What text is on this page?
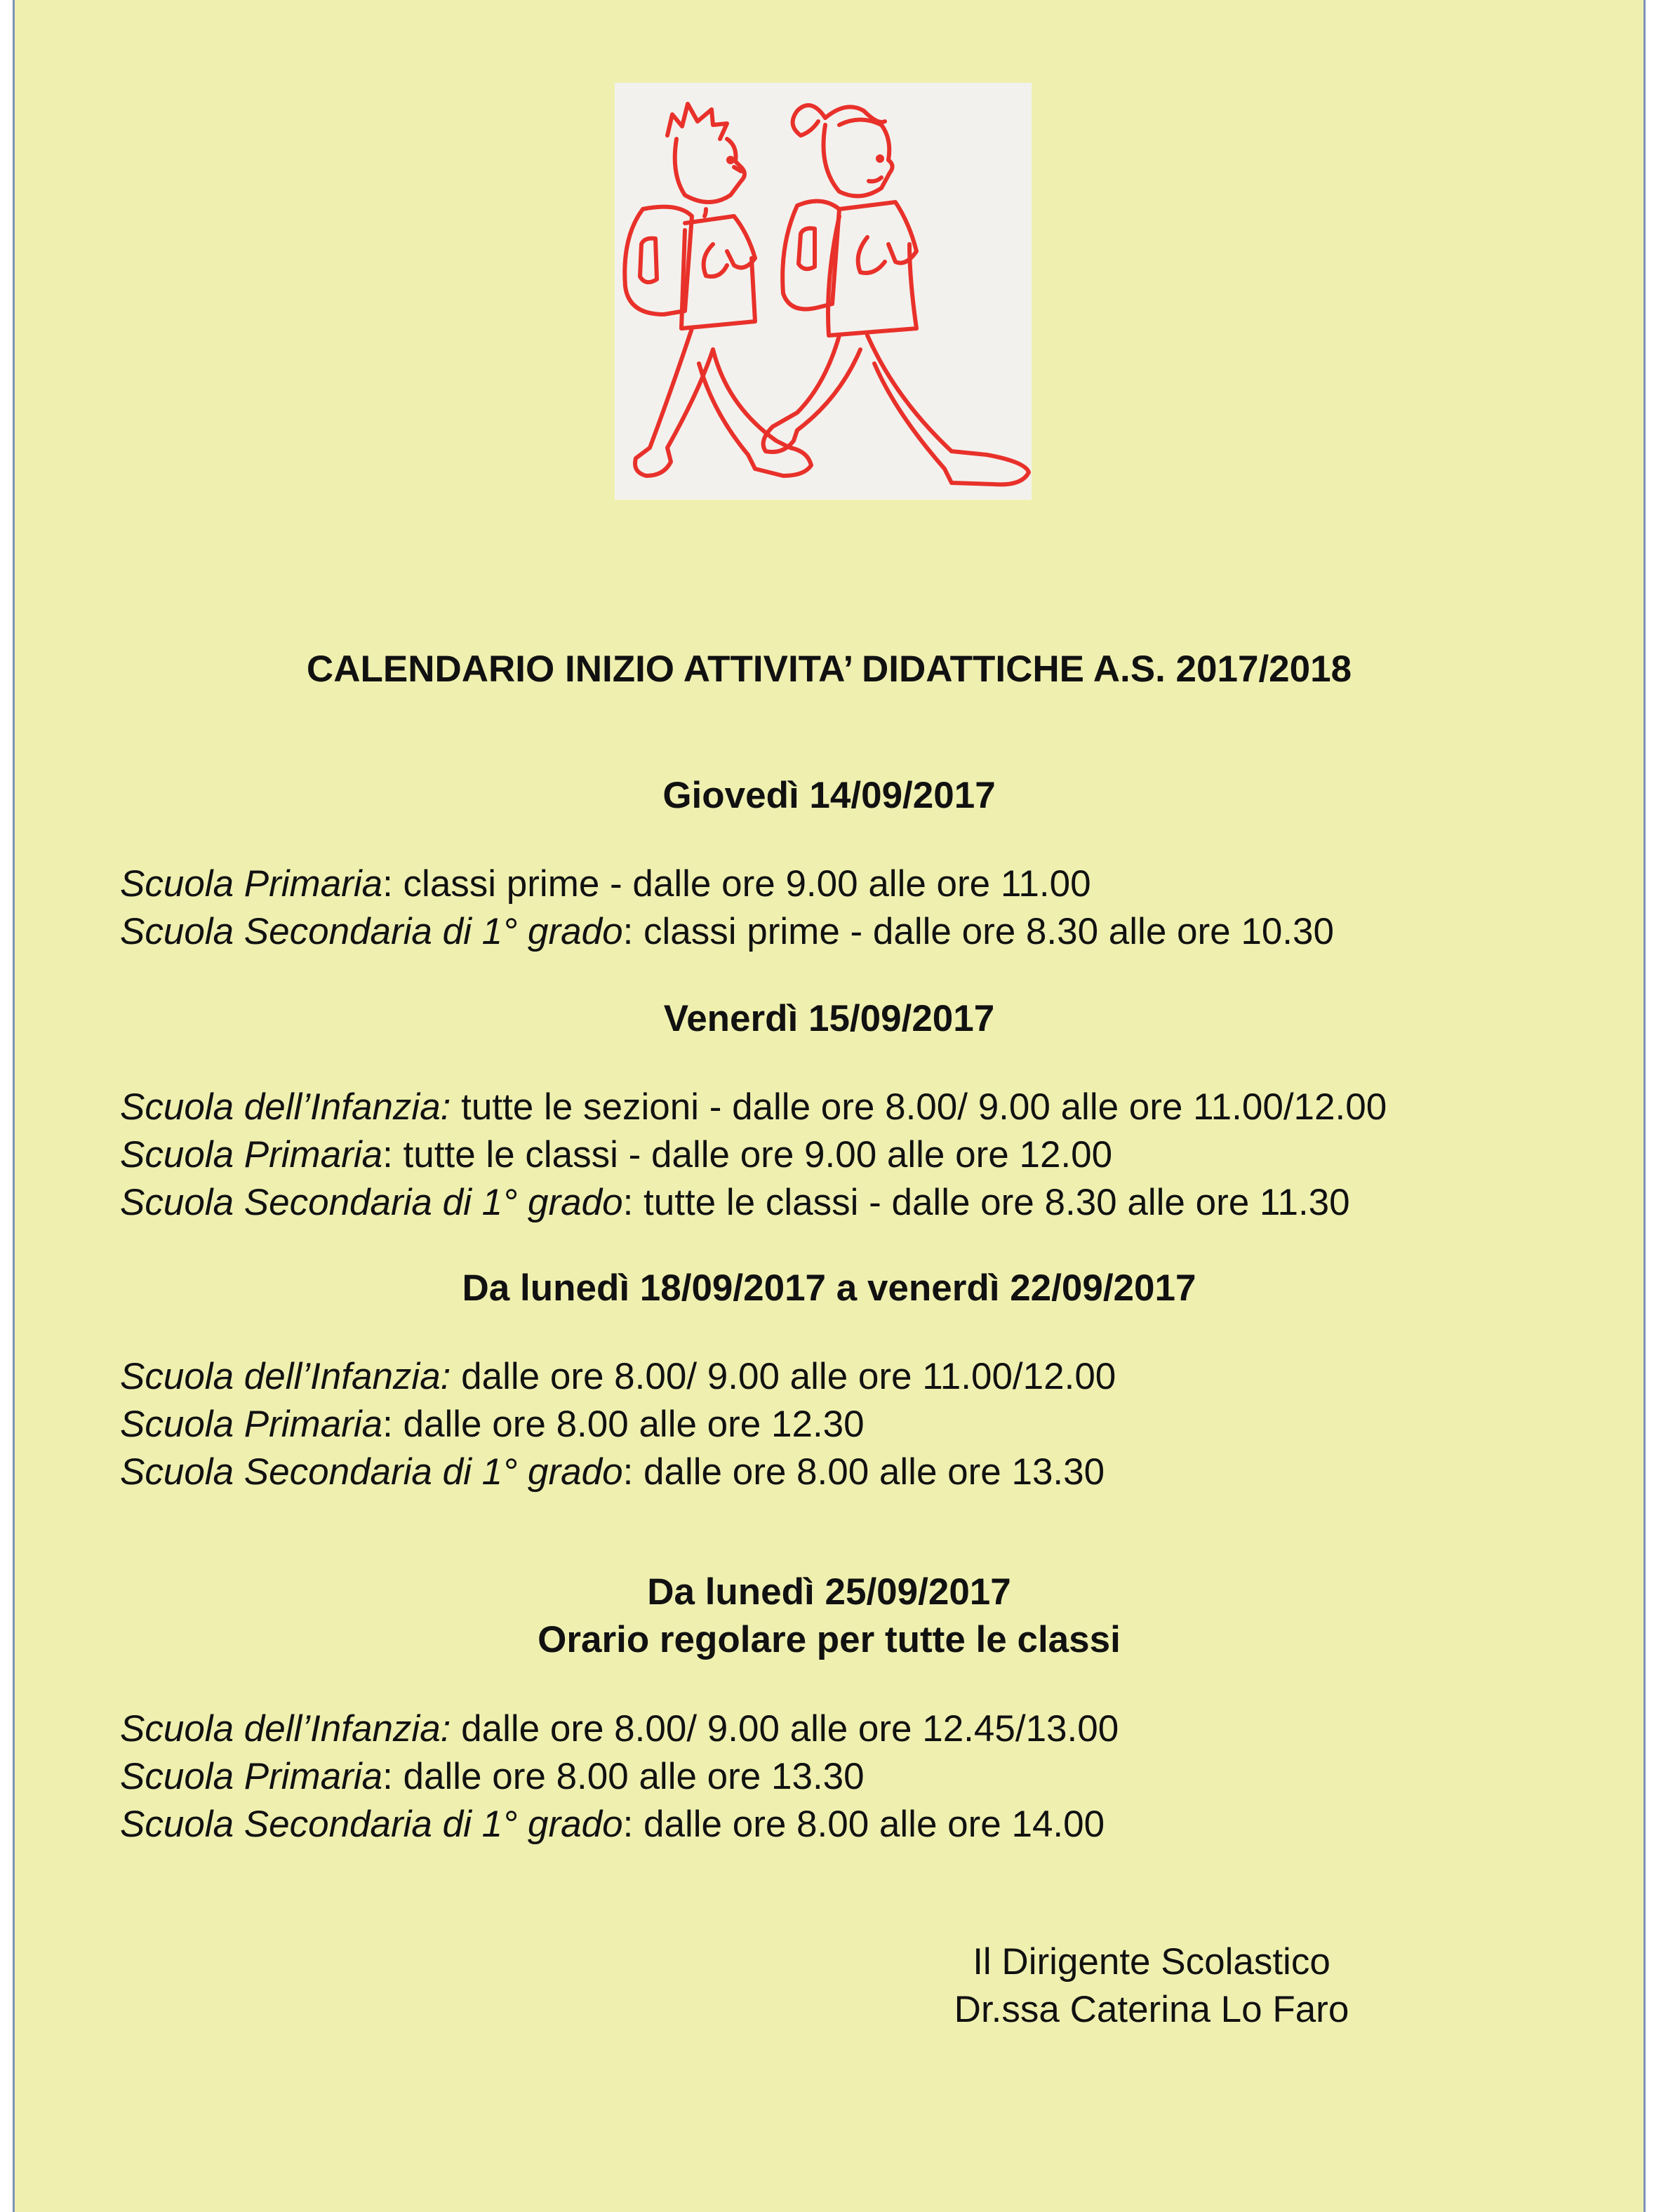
CALENDARIO INIZIO ATTIVITA’ DIDATTICHE A.S. 2017/2018
Giovedì 14/09/2017
Scuola Primaria: classi prime - dalle ore 9.00 alle ore 11.00
Scuola Secondaria di 1° grado: classi prime - dalle ore 8.30 alle ore 10.30
Venerdì 15/09/2017
Scuola dell’Infanzia: tutte le sezioni - dalle ore 8.00/ 9.00 alle ore 11.00/12.00
Scuola Primaria: tutte le classi - dalle ore 9.00 alle ore 12.00
Scuola Secondaria di 1° grado: tutte le classi - dalle ore 8.30 alle ore 11.30
Da lunedì 18/09/2017 a venerdì 22/09/2017
Scuola dell’Infanzia: dalle ore 8.00/ 9.00 alle ore 11.00/12.00
Scuola Primaria: dalle ore 8.00 alle ore 12.30
Scuola Secondaria di 1° grado: dalle ore 8.00 alle ore 13.30
Da lunedì 25/09/2017
Orario regolare per tutte le classi
Scuola dell’Infanzia: dalle ore 8.00/ 9.00 alle ore 12.45/13.00
Scuola Primaria: dalle ore 8.00 alle ore 13.30
Scuola Secondaria di 1° grado: dalle ore 8.00 alle ore 14.00
Il Dirigente Scolastico
Dr.ssa Caterina Lo Faro
